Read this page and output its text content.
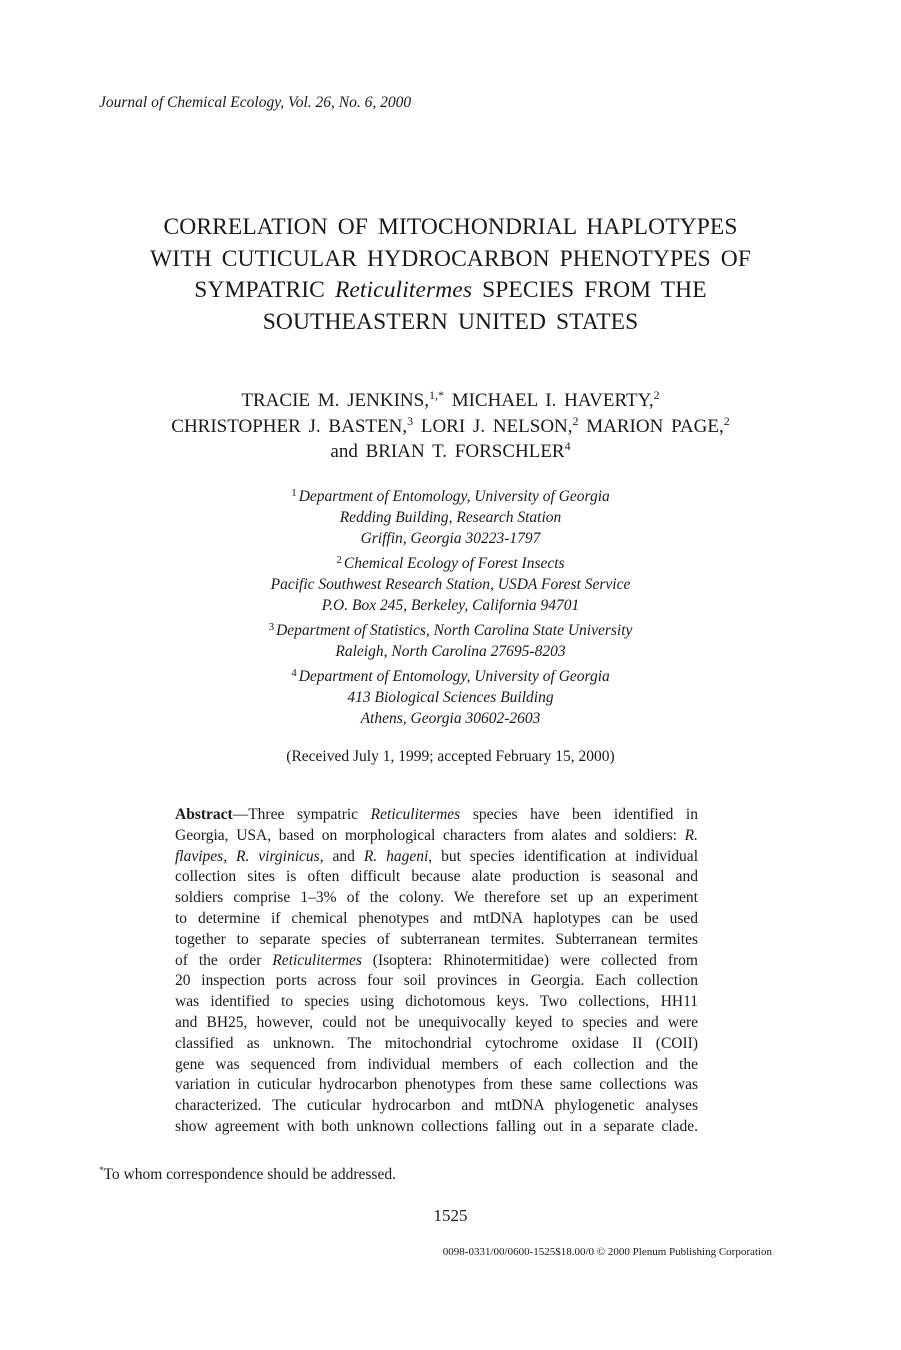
Journal of Chemical Ecology, Vol. 26, No. 6, 2000
CORRELATION OF MITOCHONDRIAL HAPLOTYPES
WITH CUTICULAR HYDROCARBON PHENOTYPES OF
SYMPATRIC Reticulitermes SPECIES FROM THE
SOUTHEASTERN UNITED STATES
TRACIE M. JENKINS,$^{1,*}$ MICHAEL I. HAVERTY,$^2$
CHRISTOPHER J. BASTEN,$^3$ LORI J. NELSON,$^2$ MARION PAGE,$^2$
and BRIAN T. FORSCHLER$^4$
$^1$ Department of Entomology, University of Georgia
Redding Building, Research Station
Griffin, Georgia 30223-1797
$^2$ Chemical Ecology of Forest Insects
Pacific Southwest Research Station, USDA Forest Service
P.O. Box 245, Berkeley, California 94701
$^3$ Department of Statistics, North Carolina State University
Raleigh, North Carolina 27695-8203
$^4$ Department of Entomology, University of Georgia
413 Biological Sciences Building
Athens, Georgia 30602-2603
(Received July 1, 1999; accepted February 15, 2000)
Abstract—Three sympatric Reticulitermes species have been identified in
Georgia, USA, based on morphological characters from alates and soldiers: R.
flavipes, R. virginicus, and R. hageni, but species identification at individual
collection sites is often difficult because alate production is seasonal and
soldiers comprise 1–3% of the colony. We therefore set up an experiment
to determine if chemical phenotypes and mtDNA haplotypes can be used
together to separate species of subterranean termites. Subterranean termites
of the order Reticulitermes (Isoptera: Rhinotermitidae) were collected from
20 inspection ports across four soil provinces in Georgia. Each collection
was identified to species using dichotomous keys. Two collections, HH11
and BH25, however, could not be unequivocally keyed to species and were
classified as unknown. The mitochondrial cytochrome oxidase II (COII)
gene was sequenced from individual members of each collection and the
variation in cuticular hydrocarbon phenotypes from these same collections was
characterized. The cuticular hydrocarbon and mtDNA phylogenetic analyses
show agreement with both unknown collections falling out in a separate clade.
*To whom correspondence should be addressed.
1525
0098-0331/00/0600-1525$18.00/0 © 2000 Plenum Publishing Corporation
